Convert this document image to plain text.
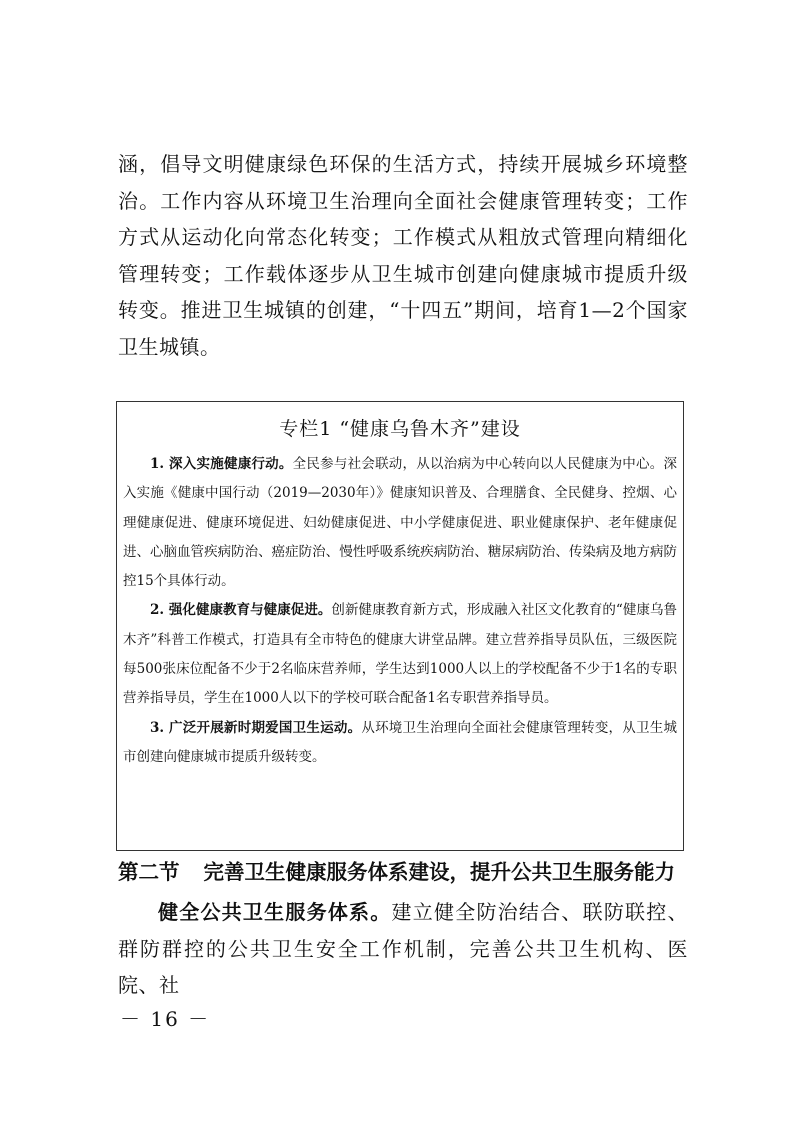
涵，倡导文明健康绿色环保的生活方式，持续开展城乡环境整治。工作内容从环境卫生治理向全面社会健康管理转变；工作方式从运动化向常态化转变；工作模式从粗放式管理向精细化管理转变；工作载体逐步从卫生城市创建向健康城市提质升级转变。推进卫生城镇的创建，“十四五”期间，培育1—2个国家卫生城镇。

专栏1 “健康乌鲁木齐”建设

1. 深入实施健康行动。全民参与社会联动，从以治病为中心转向以人民健康为中心。深入实施《健康中国行动（2019—2030年）》健康知识普及、合理膳食、全民健身、控烟、心理健康促进、健康环境促进、妇幼健康促进、中小学健康促进、职业健康保护、老年健康促进、心脑血管疾病防治、癌症防治、慢性呼吸系统疾病防治、糖尿病防治、传染病及地方病防控15个具体行动。

2. 强化健康教育与健康促进。创新健康教育新方式，形成融入社区文化教育的“健康乌鲁木齐”科普工作模式，打造具有全市特色的健康大讲堂品牌。建立营养指导员队伍，三级医院每500张床位配备不少于2名临床营养师，学生达到1000人以上的学校配备不少于1名的专职营养指导员，学生在1000人以下的学校可联合配备1名专职营养指导员。

3. 广泛开展新时期爱国卫生运动。从环境卫生治理向全面社会健康管理转变，从卫生城市创建向健康城市提质升级转变。

第二节 完善卫生健康服务体系建设，提升公共卫生服务能力

健全公共卫生服务体系。建立健全防治结合、联防联控、群防群控的公共卫生安全工作机制，完善公共卫生机构、医院、社

－ 16 －
